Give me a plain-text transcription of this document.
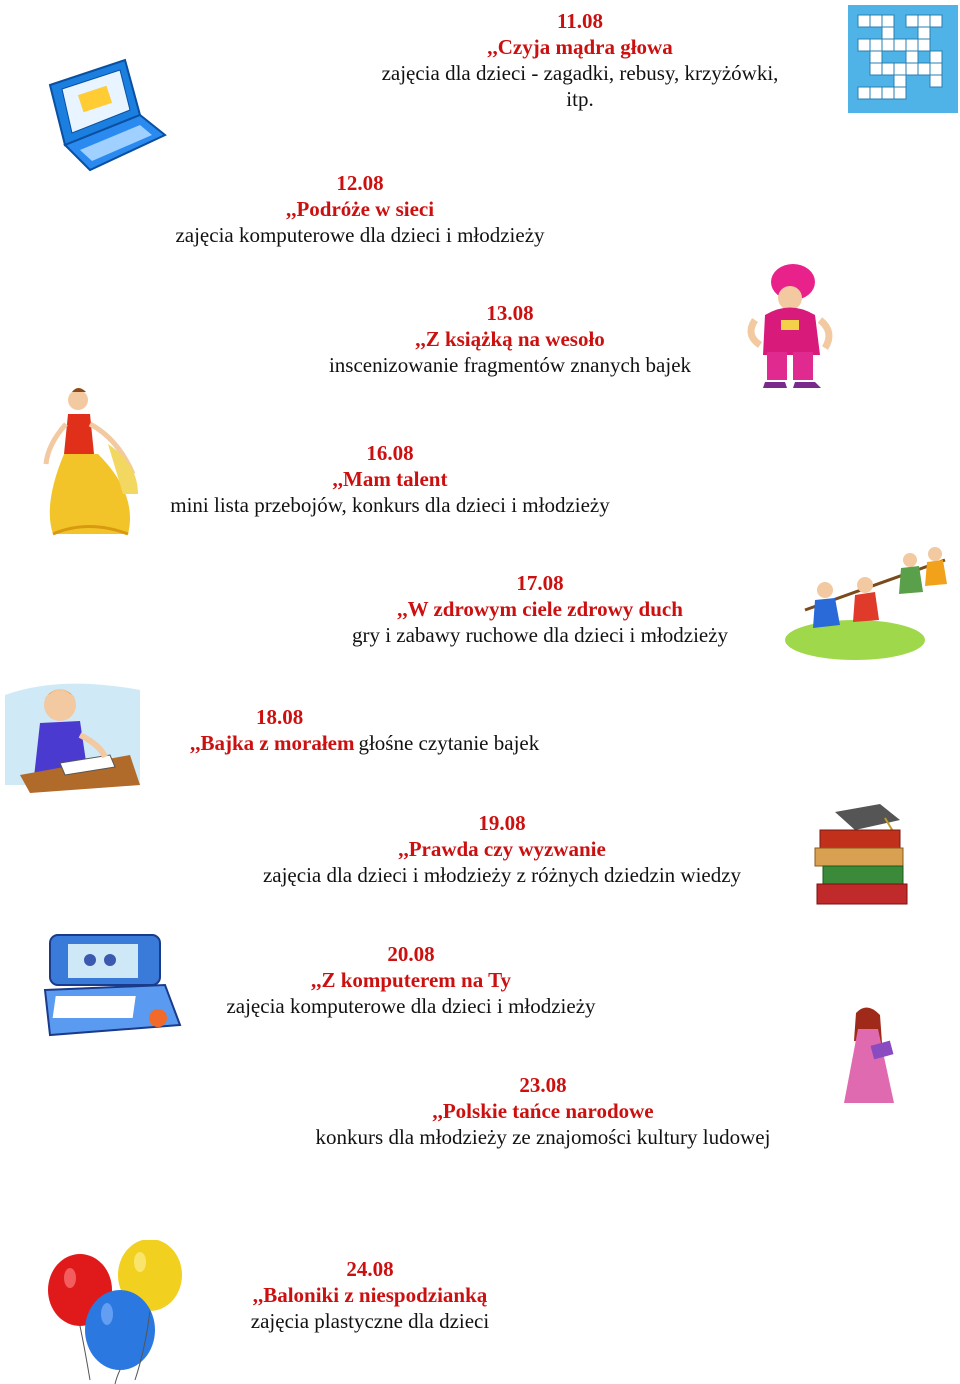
11.08
,,Czyja mądra głowa
zajęcia dla dzieci - zagadki, rebusy, krzyżówki,
itp.
12.08
,,Podróże w sieci
zajęcia komputerowe dla dzieci i młodzieży
13.08
,,Z książką na wesoło
inscenizowanie fragmentów znanych bajek
16.08
,,Mam talent
mini lista przebojów, konkurs dla dzieci i młodzieży
17.08
,,W zdrowym ciele zdrowy duch
gry i zabawy ruchowe dla dzieci i młodzieży
18.08
,,Bajka z morałem głośne czytanie bajek
19.08
,,Prawda czy wyzwanie
zajęcia dla dzieci i młodzieży z różnych dziedzin wiedzy
20.08
,,Z komputerem na Ty
zajęcia komputerowe dla dzieci i młodzieży
23.08
,,Polskie tańce narodowe
konkurs dla młodzieży ze znajomości kultury ludowej
24.08
,,Baloniki z niespodzianką
zajęcia plastyczne dla dzieci
